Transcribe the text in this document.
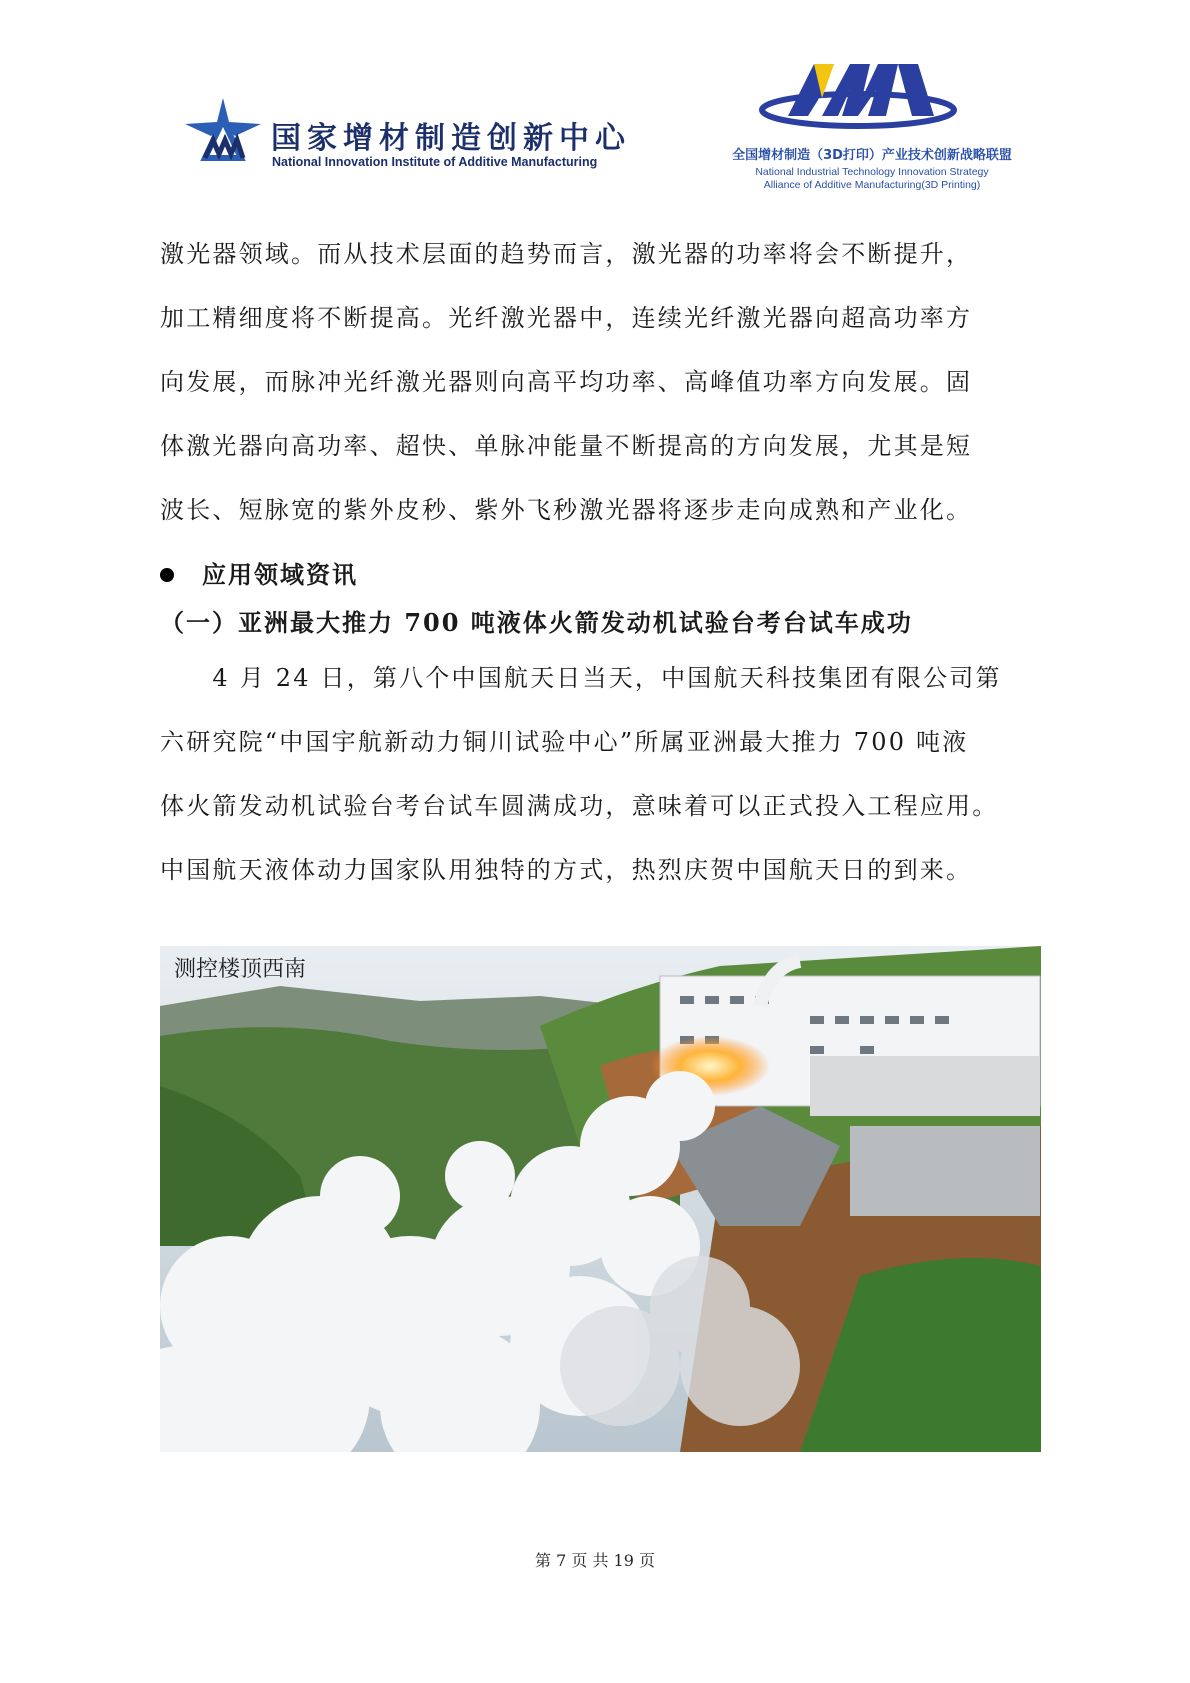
国家增材制造创新中心
National Innovation Institute of Additive Manufacturing	全国增材制造（3D打印）产业技术创新战略联盟
National Industrial Technology Innovation Strategy
Alliance of Additive Manufacturing(3D Printing)

激光器领域。而从技术层面的趋势而言，激光器的功率将会不断提升，
加工精细度将不断提高。光纤激光器中，连续光纤激光器向超高功率方
向发展，而脉冲光纤激光器则向高平均功率、高峰值功率方向发展。固
体激光器向高功率、超快、单脉冲能量不断提高的方向发展，尤其是短
波长、短脉宽的紫外皮秒、紫外飞秒激光器将逐步走向成熟和产业化。

应用领域资讯

（一）亚洲最大推力 700 吨液体火箭发动机试验台考台试车成功

　　4 月 24 日，第八个中国航天日当天，中国航天科技集团有限公司第
六研究院“中国宇航新动力铜川试验中心”所属亚洲最大推力 700 吨液
体火箭发动机试验台考台试车圆满成功，意味着可以正式投入工程应用。
中国航天液体动力国家队用独特的方式，热烈庆贺中国航天日的到来。

测控楼顶西南
第 7 页 共 19 页
